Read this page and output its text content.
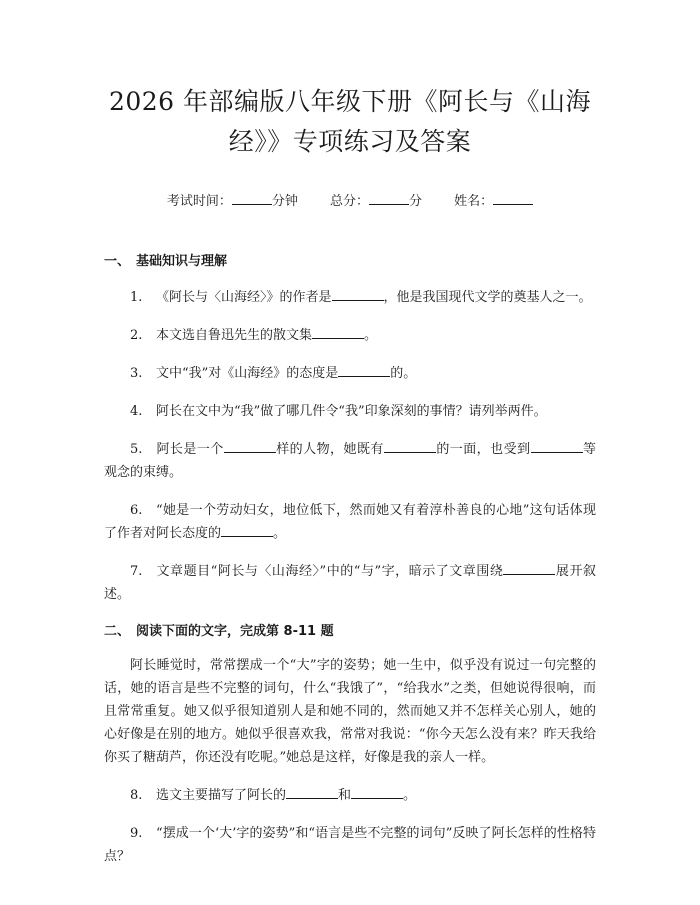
2026 年部编版八年级下册《阿长与《山海
经》》专项练习及答案
考试时间：	分钟 总分：	分 姓名：
一、 基础知识与理解

1. 《阿长与〈山海经〉》的作者是	，他是我国现代文学的奠基人之一。

2. 本文选自鲁迅先生的散文集	。

3. 文中“我”对《山海经》的态度是	的。

4. 阿长在文中为“我”做了哪几件令“我”印象深刻的事情？请列举两件。

5. 阿长是一个	样的人物，她既有	的一面，也受到	等观念的束缚。

6. “她是一个劳动妇女，地位低下，然而她又有着淳朴善良的心地”这句话体现了作者对阿长态度的	。

7. 文章题目“阿长与〈山海经〉”中的“与”字，暗示了文章围绕	展开叙述。

二、 阅读下面的文字，完成第 8-11 题

阿长睡觉时，常常摆成一个“大”字的姿势；她一生中，似乎没有说过一句完整的话，她的语言是些不完整的词句，什么“我饿了”，“给我水”之类，但她说得很响，而且常常重复。她又似乎很知道别人是和她不同的，然而她又并不怎样关心别人，她的心好像是在别的地方。她似乎很喜欢我，常常对我说：“你今天怎么没有来？昨天我给你买了糖葫芦，你还没有吃呢。”她总是这样，好像是我的亲人一样。

8. 选文主要描写了阿长的	和	。

9. “摆成一个‘大’字的姿势”和“语言是些不完整的词句”反映了阿长怎样的性格特点？
